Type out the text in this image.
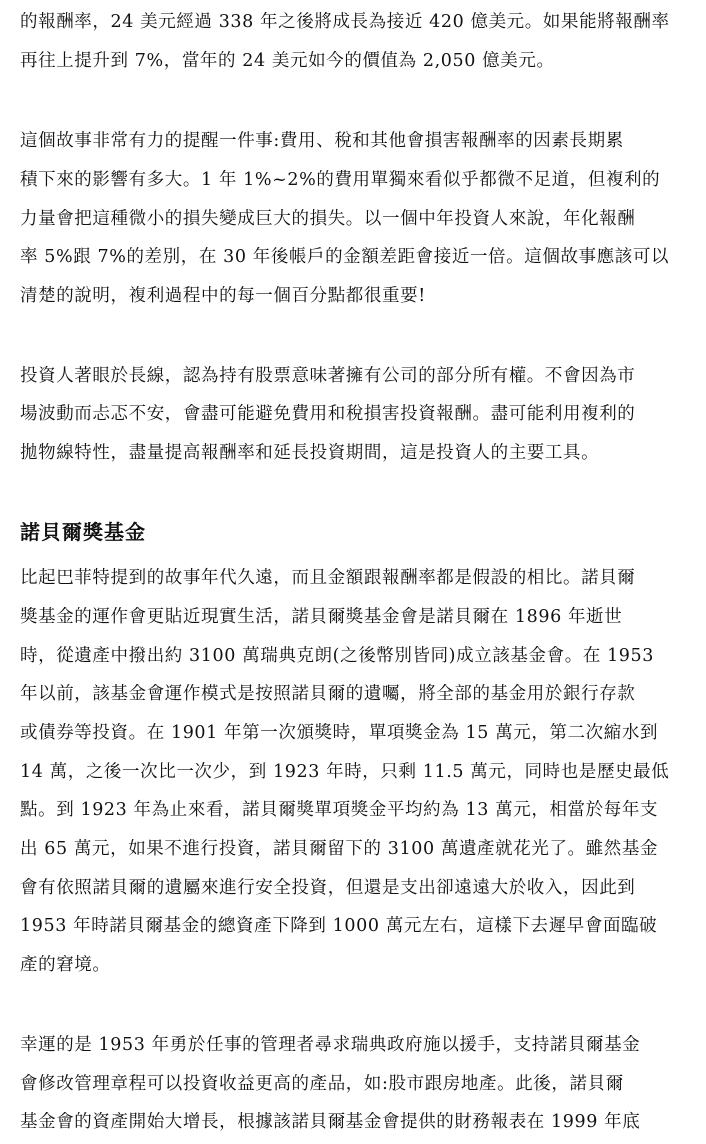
的報酬率，24 美元經過 338 年之後將成長為接近 420 億美元。如果能將報酬率
再往上提升到 7%，當年的 24 美元如今的價值為 2,050 億美元。
這個故事非常有力的提醒一件事:費用、稅和其他會損害報酬率的因素長期累
積下來的影響有多大。1 年 1%~2%的費用單獨來看似乎都微不足道，但複利的
力量會把這種微小的損失變成巨大的損失。以一個中年投資人來說，年化報酬
率 5%跟 7%的差別，在 30 年後帳戶的金額差距會接近一倍。這個故事應該可以
清楚的說明，複利過程中的每一個百分點都很重要!
投資人著眼於長線，認為持有股票意味著擁有公司的部分所有權。不會因為市
場波動而忐忑不安，會盡可能避免費用和稅損害投資報酬。盡可能利用複利的
拋物線特性，盡量提高報酬率和延長投資期間，這是投資人的主要工具。
諾貝爾獎基金
比起巴菲特提到的故事年代久遠，而且金額跟報酬率都是假設的相比。諾貝爾
獎基金的運作會更貼近現實生活，諾貝爾獎基金會是諾貝爾在 1896 年逝世
時，從遺產中撥出約 3100 萬瑞典克朗(之後幣別皆同)成立該基金會。在 1953
年以前，該基金會運作模式是按照諾貝爾的遺囑，將全部的基金用於銀行存款
或債券等投資。在 1901 年第一次頒獎時，單項獎金為 15 萬元，第二次縮水到
14 萬，之後一次比一次少，到 1923 年時，只剩 11.5 萬元，同時也是歷史最低
點。到 1923 年為止來看，諾貝爾獎單項獎金平均約為 13 萬元，相當於每年支
出 65 萬元，如果不進行投資，諾貝爾留下的 3100 萬遺產就花光了。雖然基金
會有依照諾貝爾的遺屬來進行安全投資，但還是支出卻遠遠大於收入，因此到
1953 年時諾貝爾基金的總資產下降到 1000 萬元左右，這樣下去遲早會面臨破
產的窘境。
幸運的是 1953 年勇於任事的管理者尋求瑞典政府施以援手，支持諾貝爾基金
會修改管理章程可以投資收益更高的產品，如:股市跟房地產。此後，諾貝爾
基金會的資產開始大增長，根據該諾貝爾基金會提供的財務報表在 1999 年底
